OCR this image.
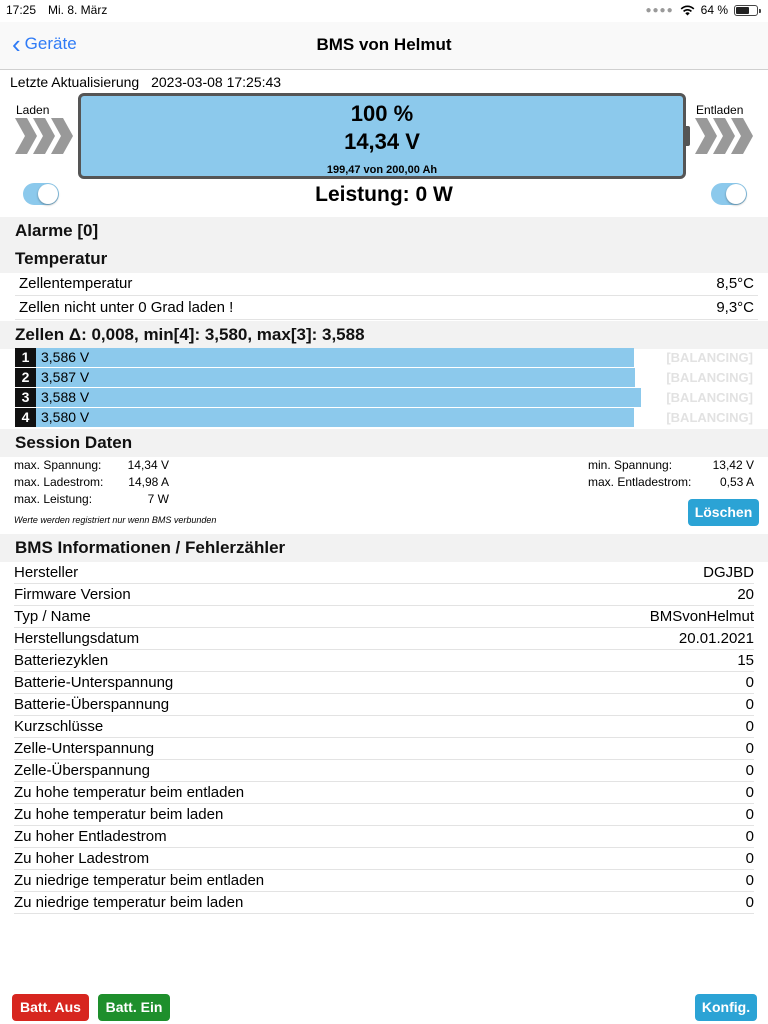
17:25 Mi. 8. März	●●●● 64 %
‹ Geräte	BMS von Helmut
Letzte Aktualisierung 2023-03-08 17:25:43
Laden	Entladen
100 %
14,34 V
199,47 von 200,00 Ah
Leistung: 0 W
Alarme [0]
Temperatur
Zellentemperatur	8,5°C
Zellen nicht unter 0 Grad laden !	9,3°C
Zellen Δ: 0,008, min[4]: 3,580, max[3]: 3,588
1 3,586 V	[BALANCING]
2 3,587 V	[BALANCING]
3 3,588 V	[BALANCING]
4 3,580 V	[BALANCING]
Session Daten
max. Spannung:	14,34 V
max. Ladestrom:	14,98 A
max. Leistung:	7 W
min. Spannung:	13,42 V
max. Entladestrom:	0,53 A
Werte werden registriert nur wenn BMS verbunden	Löschen
BMS Informationen / Fehlerzähler
Hersteller	DGJBD
Firmware Version	20
Typ / Name	BMSvonHelmut
Herstellungsdatum	20.01.2021
Batteriezyklen	15
Batterie-Unterspannung	0
Batterie-Überspannung	0
Kurzschlüsse	0
Zelle-Unterspannung	0
Zelle-Überspannung	0
Zu hohe temperatur beim entladen	0
Zu hohe temperatur beim laden	0
Zu hoher Entladestrom	0
Zu hoher Ladestrom	0
Zu niedrige temperatur beim entladen	0
Zu niedrige temperatur beim laden	0
Batt. Aus	Batt. Ein	Konfig.
